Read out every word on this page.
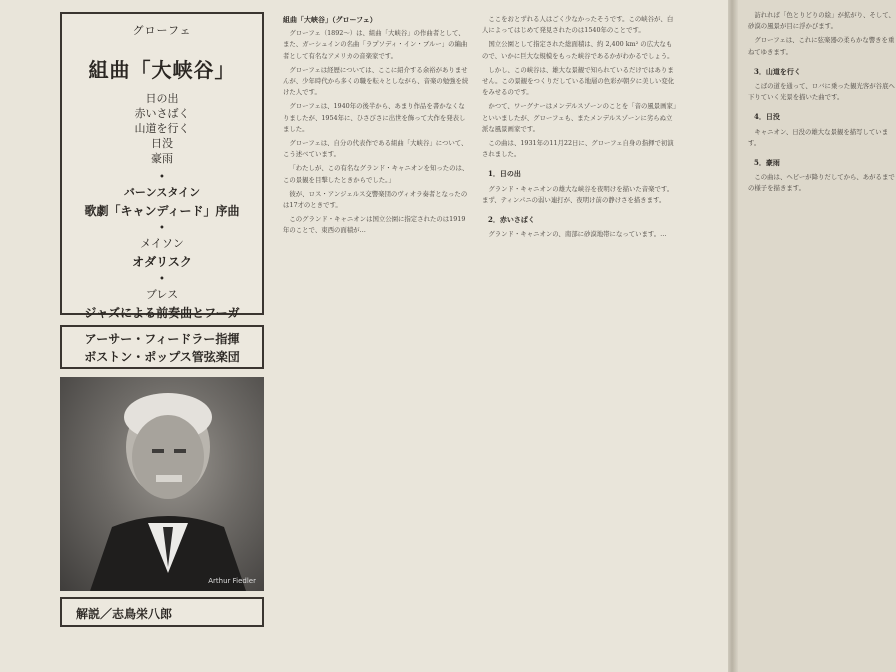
グローフェ
組曲「大峡谷」
日の出
赤いさばく
山道を行く
日没
豪雨
•
バーンスタイン
歌劇「キャンディード」序曲
•
メイソン
オダリスク
•
ブレス
ジャズによる前奏曲とフーガ
アーサー・フィードラー指揮
ボストン・ポップス管弦楽団
Arthur Fiedler
解説／志鳥栄八郎

組曲「大峡谷」（グローフェ）

グローフェ（1892〜）は、組曲「大峡谷」の作曲者として、また、ガーシュインの名曲「ラプソディ・イン・ブルー」の編曲者として有名なアメリカの音楽家です。

グローフェは経歴については、ここに紹介する余裕がありませんが、少年時代から多くの職を転々としながら、音楽の勉強を続けた人です。

グローフェは、1940年の後半から、あまり作品を書かなくなりましたが、1954年に、ひさびさに出世を飾って大作を発表しました。

グローフェは、自分の代表作である組曲「大峡谷」について、こう述べています。

「わたしが、この有名なグランド・キャニオンを知ったのは、この景観を目撃したときからでした。」

彼が、ロス・アンジェルス交響楽団のヴィオラ奏者となったのは17才のときです。

このグランド・キャニオンは国立公園に指定されたのは1919年のことで、東西の面積が…

ここをおとずれる人はごく少なかったそうです。この峡谷が、白人によってはじめて発見されたのは1540年のことです。

国立公園として指定された総面積は、約 2,400 km² の広大なもので、いかに巨大な規模をもった峡谷であるかがわかるでしょう。

しかし、この峡谷は、雄大な景観で知られているだけではありません。この景観をつくりだしている地層の色彩が朝夕に美しい変化をみせるのです。

かつて、ワーグナーはメンデルスゾーンのことを「音の風景画家」といいましたが、グローフェも、またメンデルスゾーンに劣らぬ立派な風景画家です。

この曲は、1931年の11月22日に、グローフェ自身の指揮で初演されました。

1．日の出

グランド・キャニオンの雄大な峡谷を夜明けを描いた音楽です。まず、ティンパニの弱い連打が、夜明け前の静けさを描きます。

2．赤いさばく

グランド・キャニオンの、南部に砂漠地帯になっています。…

訪れれば「色とりどりの絵」が拡がり、そして、砂漠の風景が目に浮かびます。

グローフェは、これに弦楽器の柔らかな響きを重ねてゆきます。

3．山道を行く

こばの道を通って、ロバに乗った観光客が谷底へ下りていく光景を描いた曲です。

4．日没

キャニオン、日没の雄大な景観を描写しています。

5．豪雨

この曲は、ヘビーが降りだしてから、あがるまでの様子を描きます。
